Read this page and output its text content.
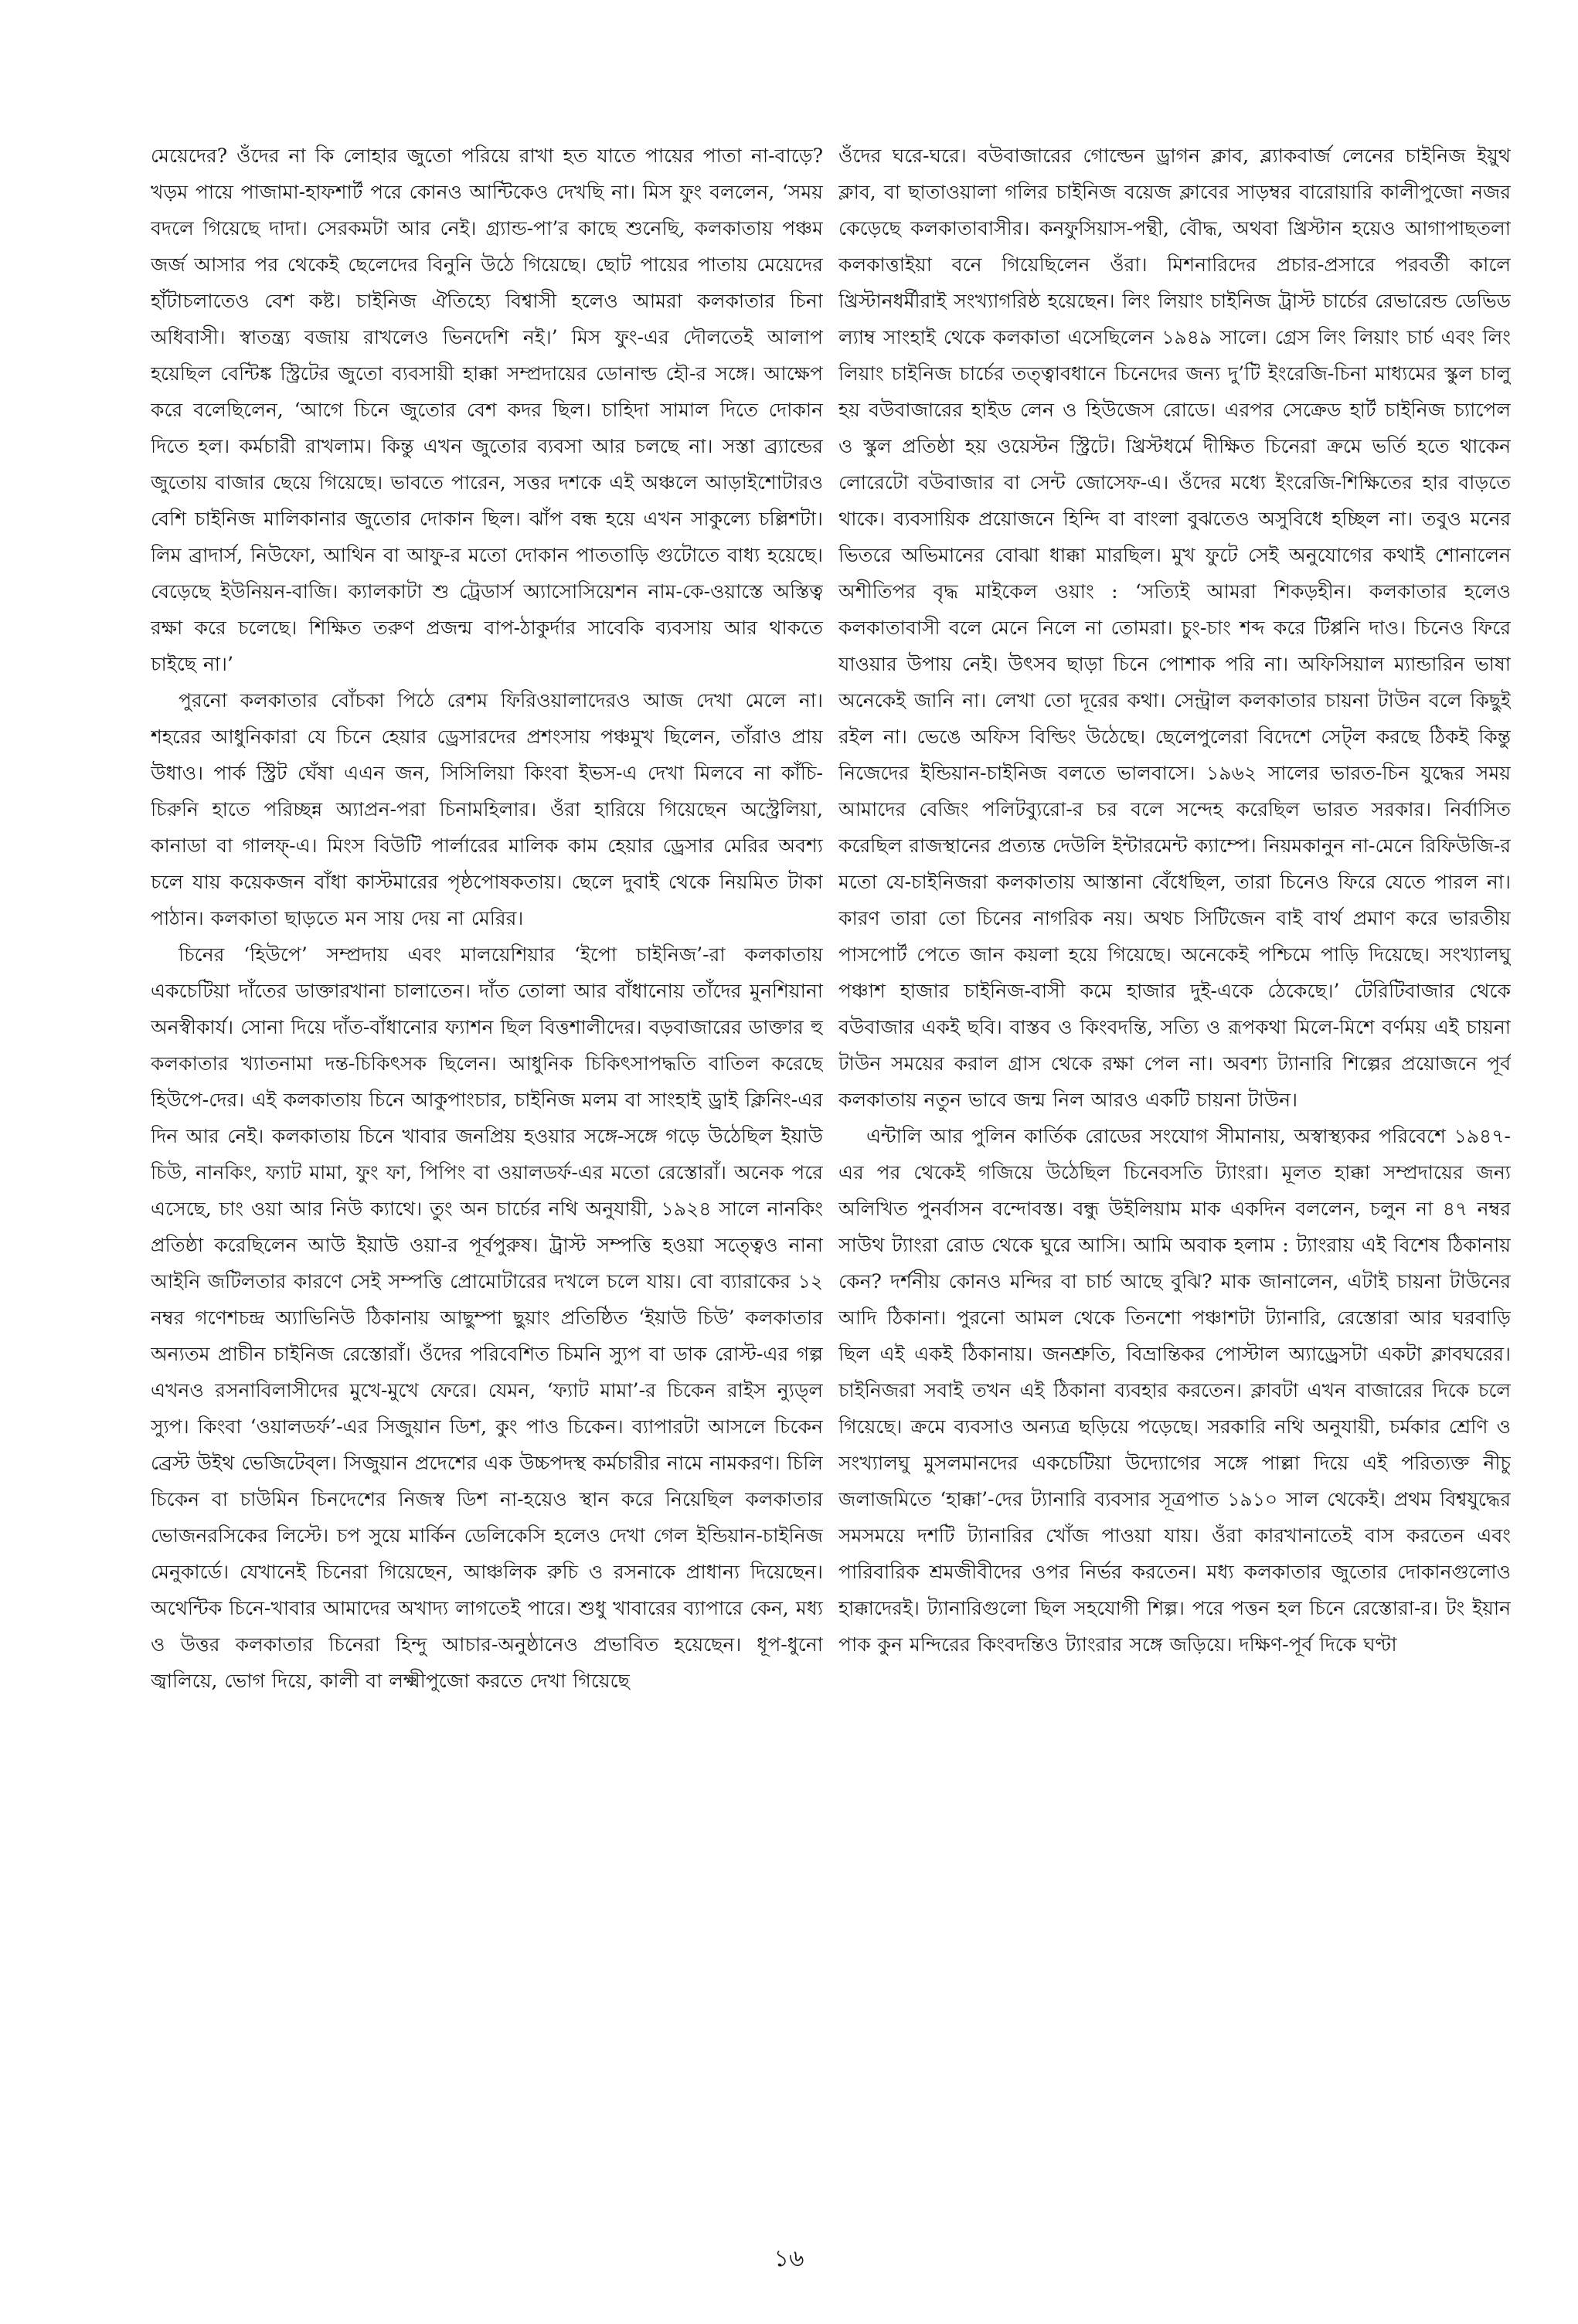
মেয়েদের? ওঁদের না কি লোহার জুতো পরিয়ে রাখা হত যাতে পায়ের পাতা না-বাড়ে? খড়ম পায়ে পাজামা-হাফশার্ট পরে কোনও আন্টিকেও দেখছি না। মিস ফুং বললেন, ‘সময় বদলে গিয়েছে দাদা। সেরকমটা আর নেই। গ্র্যান্ড-পা’র কাছে শুনেছি, কলকাতায় পঞ্চম জর্জ আসার পর থেকেই ছেলেদের বিনুনি উঠে গিয়েছে। ছোট পায়ের পাতায় মেয়েদের হাঁটাচলাতেও বেশ কষ্ট। চাইনিজ ঐতিহ্যে বিশ্বাসী হলেও আমরা কলকাতার চিনা অধিবাসী। স্বাতন্ত্র্য বজায় রাখলেও ভিনদেশি নই।’ মিস ফুং-এর দৌলতেই আলাপ হয়েছিল বেন্টিঙ্ক স্ট্রিটের জুতো ব্যবসায়ী হাক্কা সম্প্রদায়ের ডোনাল্ড হৌ-র সঙ্গে। আক্ষেপ করে বলেছিলেন, ‘আগে চিনে জুতোর বেশ কদর ছিল। চাহিদা সামাল দিতে দোকান দিতে হল। কর্মচারী রাখলাম। কিন্তু এখন জুতোর ব্যবসা আর চলছে না। সস্তা ব্র্যান্ডের জুতোয় বাজার ছেয়ে গিয়েছে। ভাবতে পারেন, সত্তর দশকে এই অঞ্চলে আড়াইশোটারও বেশি চাইনিজ মালিকানার জুতোর দোকান ছিল। ঝাঁপ বন্ধ হয়ে এখন সাকুল্যে চল্লিশটা। লিম ব্রাদার্স, নিউফো, আথিন বা আফু-র মতো দোকান পাততাড়ি গুটোতে বাধ্য হয়েছে। বেড়েছে ইউনিয়ন-বাজি। ক্যালকাটা শু ট্রেডার্স অ্যাসোসিয়েশন নাম-কে-ওয়াস্তে অস্তিত্ব রক্ষা করে চলেছে। শিক্ষিত তরুণ প্রজন্ম বাপ-ঠাকুর্দার সাবেকি ব্যবসায় আর থাকতে চাইছে না।’

পুরনো কলকাতার বোঁচকা পিঠে রেশম ফিরিওয়ালাদেরও আজ দেখা মেলে না। শহরের আধুনিকারা যে চিনে হেয়ার ড্রেসারদের প্রশংসায় পঞ্চমুখ ছিলেন, তাঁরাও প্রায় উধাও। পার্ক স্ট্রিট ঘেঁষা এএন জন, সিসিলিয়া কিংবা ইভস-এ দেখা মিলবে না কাঁচি-চিরুনি হাতে পরিচ্ছন্ন অ্যাপ্রন-পরা চিনামহিলার। ওঁরা হারিয়ে গিয়েছেন অস্ট্রেলিয়া, কানাডা বা গালফ্-এ। মিংস বিউটি পার্লারের মালিক কাম হেয়ার ড্রেসার মেরির অবশ্য চলে যায় কয়েকজন বাঁধা কাস্টমারের পৃষ্ঠপোষকতায়। ছেলে দুবাই থেকে নিয়মিত টাকা পাঠান। কলকাতা ছাড়তে মন সায় দেয় না মেরির।

চিনের ‘হিউপে’ সম্প্রদায় এবং মালয়েশিয়ার ‘ইপো চাইনিজ’-রা কলকাতায় একচেটিয়া দাঁতের ডাক্তারখানা চালাতেন। দাঁত তোলা আর বাঁধানোয় তাঁদের মুনশিয়ানা অনস্বীকার্য। সোনা দিয়ে দাঁত-বাঁধানোর ফ্যাশন ছিল বিত্তশালীদের। বড়বাজারের ডাক্তার হু কলকাতার খ্যাতনামা দন্ত-চিকিৎসক ছিলেন। আধুনিক চিকিৎসাপদ্ধতি বাতিল করেছে হিউপে-দের। এই কলকাতায় চিনে আকুপাংচার, চাইনিজ মলম বা সাংহাই ড্রাই ক্লিনিং-এর দিন আর নেই। কলকাতায় চিনে খাবার জনপ্রিয় হওয়ার সঙ্গে-সঙ্গে গড়ে উঠেছিল ইয়াউ চিউ, নানকিং, ফ্যাট মামা, ফুং ফা, পিপিং বা ওয়ালডর্ফ-এর মতো রেস্তোরাঁ। অনেক পরে এসেছে, চাং ওয়া আর নিউ ক্যাথে। তুং অন চার্চের নথি অনুযায়ী, ১৯২৪ সালে নানকিং প্রতিষ্ঠা করেছিলেন আউ ইয়াউ ওয়া-র পূর্বপুরুষ। ট্রাস্ট সম্পত্তি হওয়া সত্ত্বেও নানা আইনি জটিলতার কারণে সেই সম্পত্তি প্রোমোটারের দখলে চলে যায়। বো ব্যারাকের ১২ নম্বর গণেশচন্দ্র অ্যাভিনিউ ঠিকানায় আছুম্পা ছুয়াং প্রতিষ্ঠিত ‘ইয়াউ চিউ’ কলকাতার অন্যতম প্রাচীন চাইনিজ রেস্তোরাঁ। ওঁদের পরিবেশিত চিমনি স্যুপ বা ডাক রোস্ট-এর গল্প এখনও রসনাবিলাসীদের মুখে-মুখে ফেরে। যেমন, ‘ফ্যাট মামা’-র চিকেন রাইস ন্যুড্‌ল স্যুপ। কিংবা ‘ওয়ালডর্ফ’-এর সিজুয়ান ডিশ, কুং পাও চিকেন। ব্যাপারটা আসলে চিকেন ব্রেস্ট উইথ ভেজিটেব্‌ল। সিজুয়ান প্রদেশের এক উচ্চপদস্থ কর্মচারীর নামে নামকরণ। চিলি চিকেন বা চাউমিন চিনদেশের নিজস্ব ডিশ না-হয়েও স্থান করে নিয়েছিল কলকাতার ভোজনরসিকের লিস্টে। চপ সুয়ে মার্কিন ডেলিকেসি হলেও দেখা গেল ইন্ডিয়ান-চাইনিজ মেনুকার্ডে। যেখানেই চিনেরা গিয়েছেন, আঞ্চলিক রুচি ও রসনাকে প্রাধান্য দিয়েছেন। অথেন্টিক চিনে-খাবার আমাদের অখাদ্য লাগতেই পারে। শুধু খাবারের ব্যাপারে কেন, মধ্য ও উত্তর কলকাতার চিনেরা হিন্দু আচার-অনুষ্ঠানেও প্রভাবিত হয়েছেন। ধূপ-ধুনো জ্বালিয়ে, ভোগ দিয়ে, কালী বা লক্ষ্মীপুজো করতে দেখা গিয়েছে

ওঁদের ঘরে-ঘরে। বউবাজারের গোল্ডেন ড্রাগন ক্লাব, ব্ল্যাকবার্জ লেনের চাইনিজ ইয়ুথ ক্লাব, বা ছাতাওয়ালা গলির চাইনিজ বয়েজ ক্লাবের সাড়ম্বর বারোয়ারি কালীপুজো নজর কেড়েছে কলকাতাবাসীর। কনফুসিয়াস-পন্থী, বৌদ্ধ, অথবা খ্রিস্টান হয়েও আগাপাছতলা কলকাত্তাইয়া বনে গিয়েছিলেন ওঁরা। মিশনারিদের প্রচার-প্রসারে পরবর্তী কালে খ্রিস্টানধর্মীরাই সংখ্যাগরিষ্ঠ হয়েছেন। লিং লিয়াং চাইনিজ ট্রাস্ট চার্চের রেভারেন্ড ডেভিড ল্যাম্ব সাংহাই থেকে কলকাতা এসেছিলেন ১৯৪৯ সালে। গ্রেস লিং লিয়াং চার্চ এবং লিং লিয়াং চাইনিজ চার্চের তত্ত্বাবধানে চিনেদের জন্য দু’টি ইংরেজি-চিনা মাধ্যমের স্কুল চালু হয় বউবাজারের হাইড লেন ও হিউজেস রোডে। এরপর সেক্রেড হার্ট চাইনিজ চ্যাপেল ও স্কুল প্রতিষ্ঠা হয় ওয়েস্টন স্ট্রিটে। খ্রিস্টধর্মে দীক্ষিত চিনেরা ক্রমে ভর্তি হতে থাকেন লোরেটো বউবাজার বা সেন্ট জোসেফ-এ। ওঁদের মধ্যে ইংরেজি-শিক্ষিতের হার বাড়তে থাকে। ব্যবসায়িক প্রয়োজনে হিন্দি বা বাংলা বুঝতেও অসুবিধে হচ্ছিল না। তবুও মনের ভিতরে অভিমানের বোঝা ধাক্কা মারছিল। মুখ ফুটে সেই অনুযোগের কথাই শোনালেন অশীতিপর বৃদ্ধ মাইকেল ওয়াং : ‘সত্যিই আমরা শিকড়হীন। কলকাতার হলেও কলকাতাবাসী বলে মেনে নিলে না তোমরা। চুং-চাং শব্দ করে টিপ্পনি দাও। চিনেও ফিরে যাওয়ার উপায় নেই। উৎসব ছাড়া চিনে পোশাক পরি না। অফিসিয়াল ম্যান্ডারিন ভাষা অনেকেই জানি না। লেখা তো দূরের কথা। সেন্ট্রাল কলকাতার চায়না টাউন বলে কিছুই রইল না। ভেঙে অফিস বিল্ডিং উঠেছে। ছেলেপুলেরা বিদেশে সেট্‌ল করছে ঠিকই কিন্তু নিজেদের ইন্ডিয়ান-চাইনিজ বলতে ভালবাসে। ১৯৬২ সালের ভারত-চিন যুদ্ধের সময় আমাদের বেজিং পলিটব্যুরো-র চর বলে সন্দেহ করেছিল ভারত সরকার। নির্বাসিত করেছিল রাজস্থানের প্রত্যন্ত দেউলি ইন্টারমেন্ট ক্যাম্পে। নিয়মকানুন না-মেনে রিফিউজি-র মতো যে-চাইনিজরা কলকাতায় আস্তানা বেঁধেছিল, তারা চিনেও ফিরে যেতে পারল না। কারণ তারা তো চিনের নাগরিক নয়। অথচ সিটিজেন বাই বার্থ প্রমাণ করে ভারতীয় পাসপোর্ট পেতে জান কয়লা হয়ে গিয়েছে। অনেকেই পশ্চিমে পাড়ি দিয়েছে। সংখ্যালঘু পঞ্চাশ হাজার চাইনিজ-বাসী কমে হাজার দুই-একে ঠেকেছে।’ টেরিটিবাজার থেকে বউবাজার একই ছবি। বাস্তব ও কিংবদন্তি, সত্যি ও রূপকথা মিলে-মিশে বর্ণময় এই চায়না টাউন সময়ের করাল গ্রাস থেকে রক্ষা পেল না। অবশ্য ট্যানারি শিল্পের প্রয়োজনে পূর্ব কলকাতায় নতুন ভাবে জন্ম নিল আরও একটি চায়না টাউন।

এন্টালি আর পুলিন কার্তিক রোডের সংযোগ সীমানায়, অস্বাস্থ্যকর পরিবেশে ১৯৪৭-এর পর থেকেই গজিয়ে উঠেছিল চিনেবসতি ট্যাংরা। মূলত হাক্কা সম্প্রদায়ের জন্য অলিখিত পুনর্বাসন বন্দোবস্ত। বন্ধু উইলিয়াম মাক একদিন বললেন, চলুন না ৪৭ নম্বর সাউথ ট্যাংরা রোড থেকে ঘুরে আসি। আমি অবাক হলাম : ট্যাংরায় এই বিশেষ ঠিকানায় কেন? দর্শনীয় কোনও মন্দির বা চার্চ আছে বুঝি? মাক জানালেন, এটাই চায়না টাউনের আদি ঠিকানা। পুরনো আমল থেকে তিনশো পঞ্চাশটা ট্যানারি, রেস্তোরা আর ঘরবাড়ি ছিল এই একই ঠিকানায়। জনশ্রুতি, বিভ্রান্তিকর পোস্টাল অ্যাড্রেসটা একটা ক্লাবঘরের। চাইনিজরা সবাই তখন এই ঠিকানা ব্যবহার করতেন। ক্লাবটা এখন বাজারের দিকে চলে গিয়েছে। ক্রমে ব্যবসাও অন্যত্র ছড়িয়ে পড়েছে। সরকারি নথি অনুযায়ী, চর্মকার শ্রেণি ও সংখ্যালঘু মুসলমানদের একচেটিয়া উদ্যোগের সঙ্গে পাল্লা দিয়ে এই পরিত্যক্ত নীচু জলাজমিতে ‘হাক্কা’-দের ট্যানারি ব্যবসার সূত্রপাত ১৯১০ সাল থেকেই। প্রথম বিশ্বযুদ্ধের সমসময়ে দশটি ট্যানারির খোঁজ পাওয়া যায়। ওঁরা কারখানাতেই বাস করতেন এবং পারিবারিক শ্রমজীবীদের ওপর নির্ভর করতেন। মধ্য কলকাতার জুতোর দোকানগুলোও হাক্কাদেরই। ট্যানারিগুলো ছিল সহযোগী শিল্প। পরে পত্তন হল চিনে রেস্তোরা-র। টং ইয়ান পাক কুন মন্দিরের কিংবদন্তিও ট্যাংরার সঙ্গে জড়িয়ে। দক্ষিণ-পূর্ব দিকে ঘণ্টা

১৬
